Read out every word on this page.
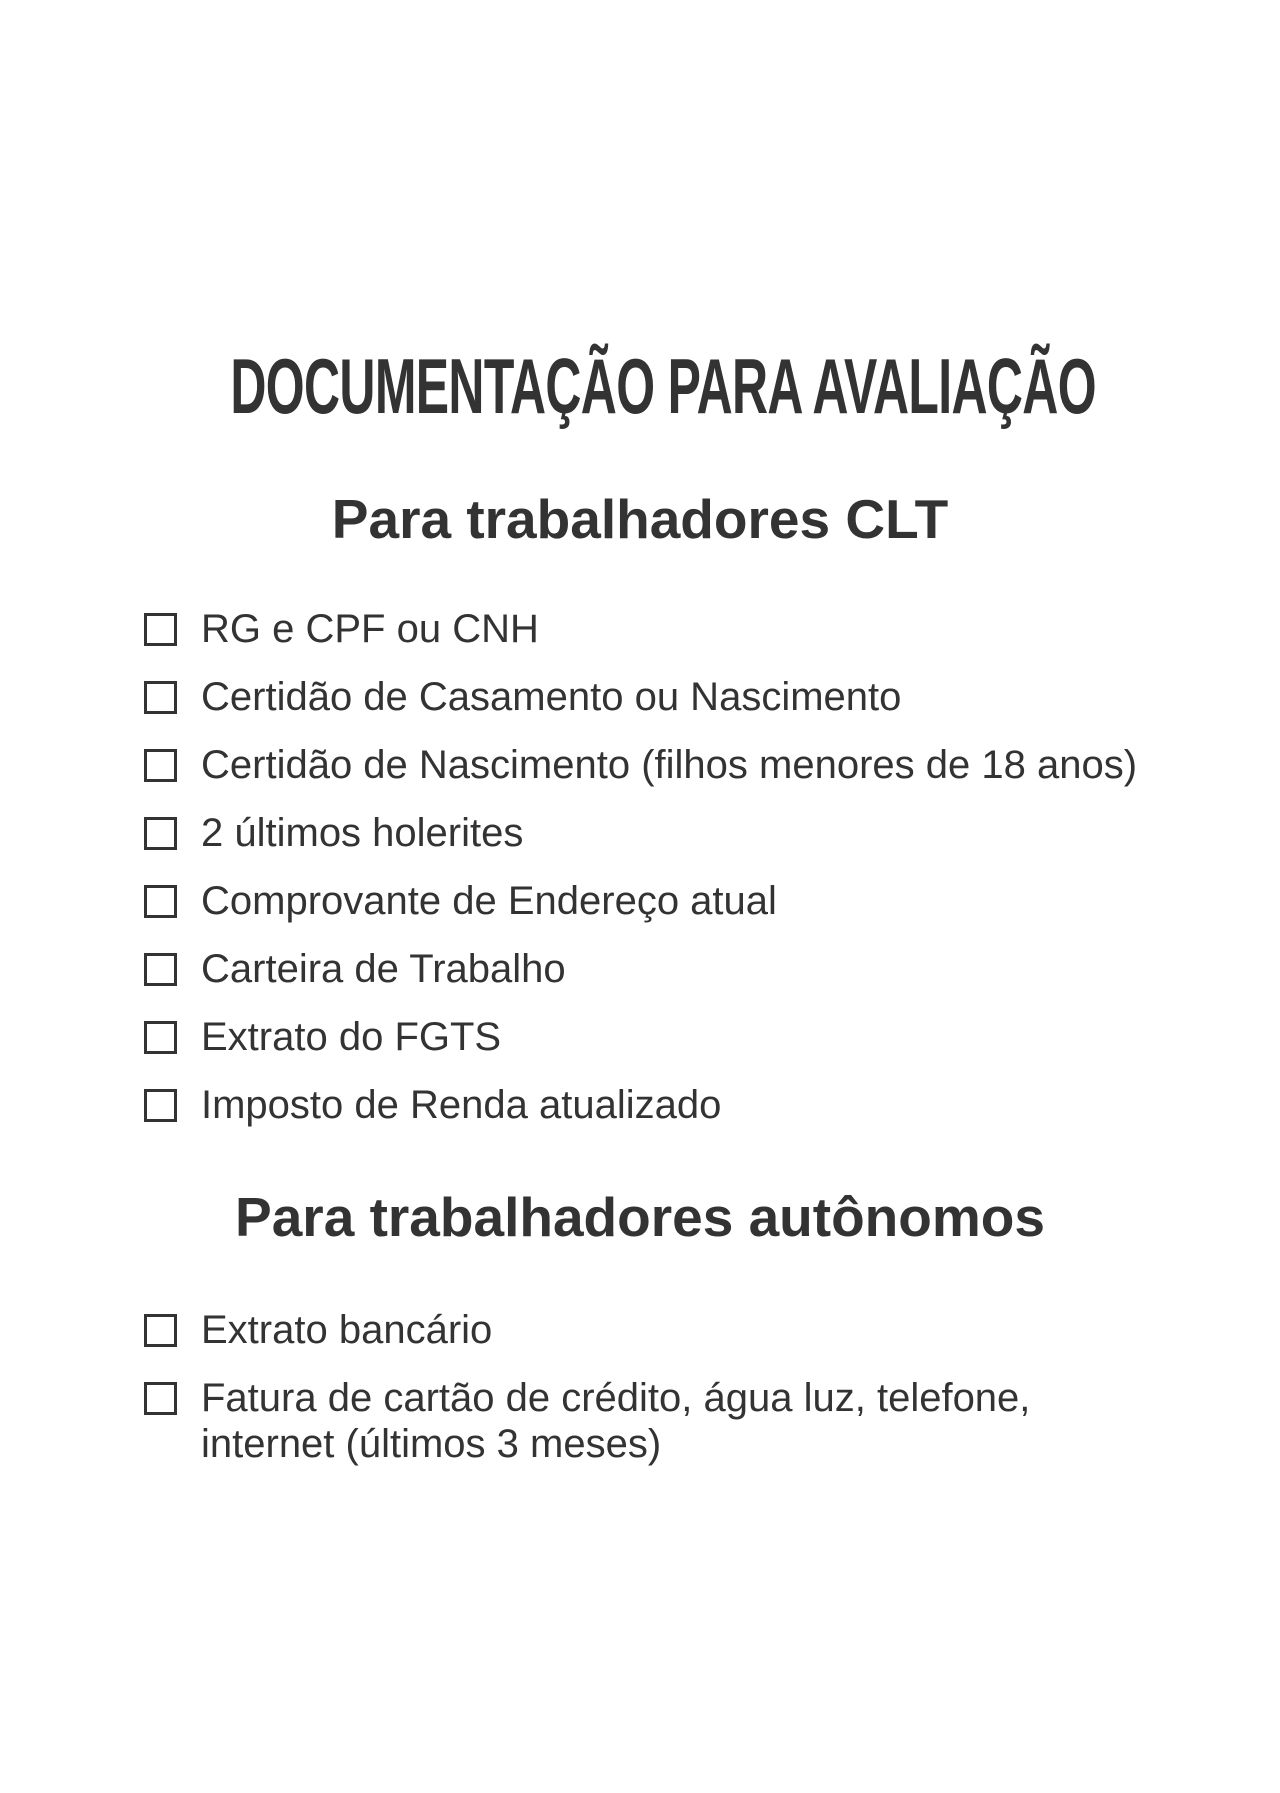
DOCUMENTAÇÃO PARA AVALIAÇÃO
Para trabalhadores CLT
RG e CPF ou CNH
Certidão de Casamento ou Nascimento
Certidão de Nascimento (filhos menores de 18 anos)
2 últimos holerites
Comprovante de Endereço atual
Carteira de Trabalho
Extrato do FGTS
Imposto de Renda atualizado
Para trabalhadores autônomos
Extrato bancário
Fatura de cartão de crédito, água luz, telefone, internet (últimos 3 meses)
